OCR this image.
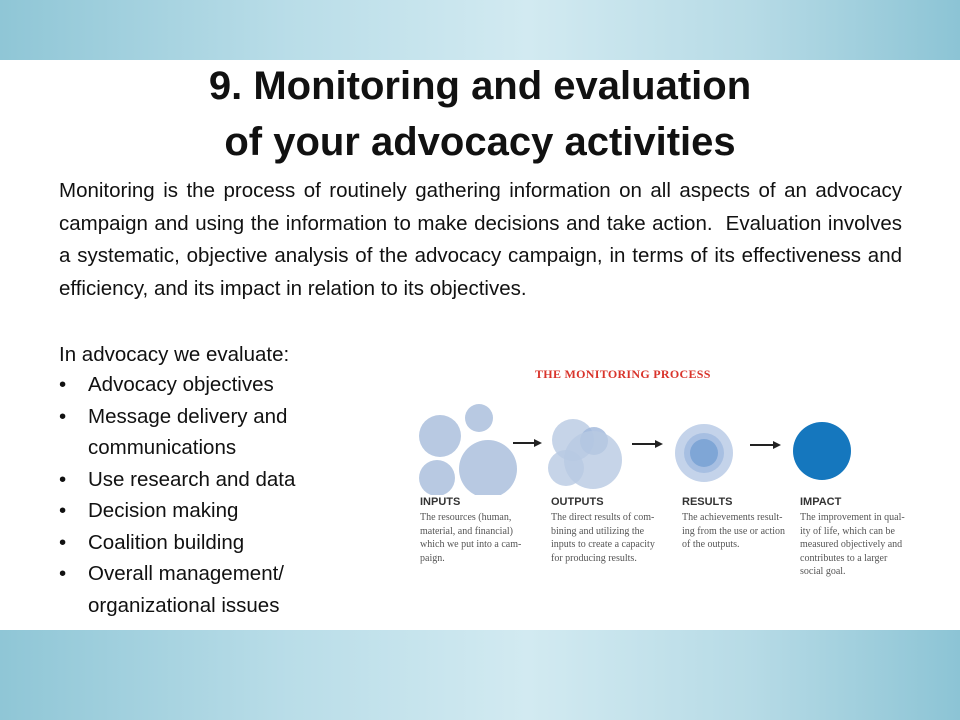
9. Monitoring and evaluation
of your advocacy activities
Monitoring is the process of routinely gathering information on all aspects of an advocacy campaign and using the information to make decisions and take action.  Evaluation involves a systematic, objective analysis of the advocacy campaign, in terms of its effectiveness and efficiency, and its impact in relation to its objectives.
In advocacy we evaluate:
• Advocacy objectives
• Message delivery and communications
• Use research and data
• Decision making
• Coalition building
• Overall management/ organizational issues
THE MONITORING PROCESS
INPUTS
The resources (human,
material, and financial)
which we put into a cam-
paign.
OUTPUTS
The direct results of com-
bining and utilizing the
inputs to create a capacity
for producing results.
RESULTS
The achievements result-
ing from the use or action
of the outputs.
IMPACT
The improvement in qual-
ity of life, which can be
measured objectively and
contributes to a larger
social goal.
